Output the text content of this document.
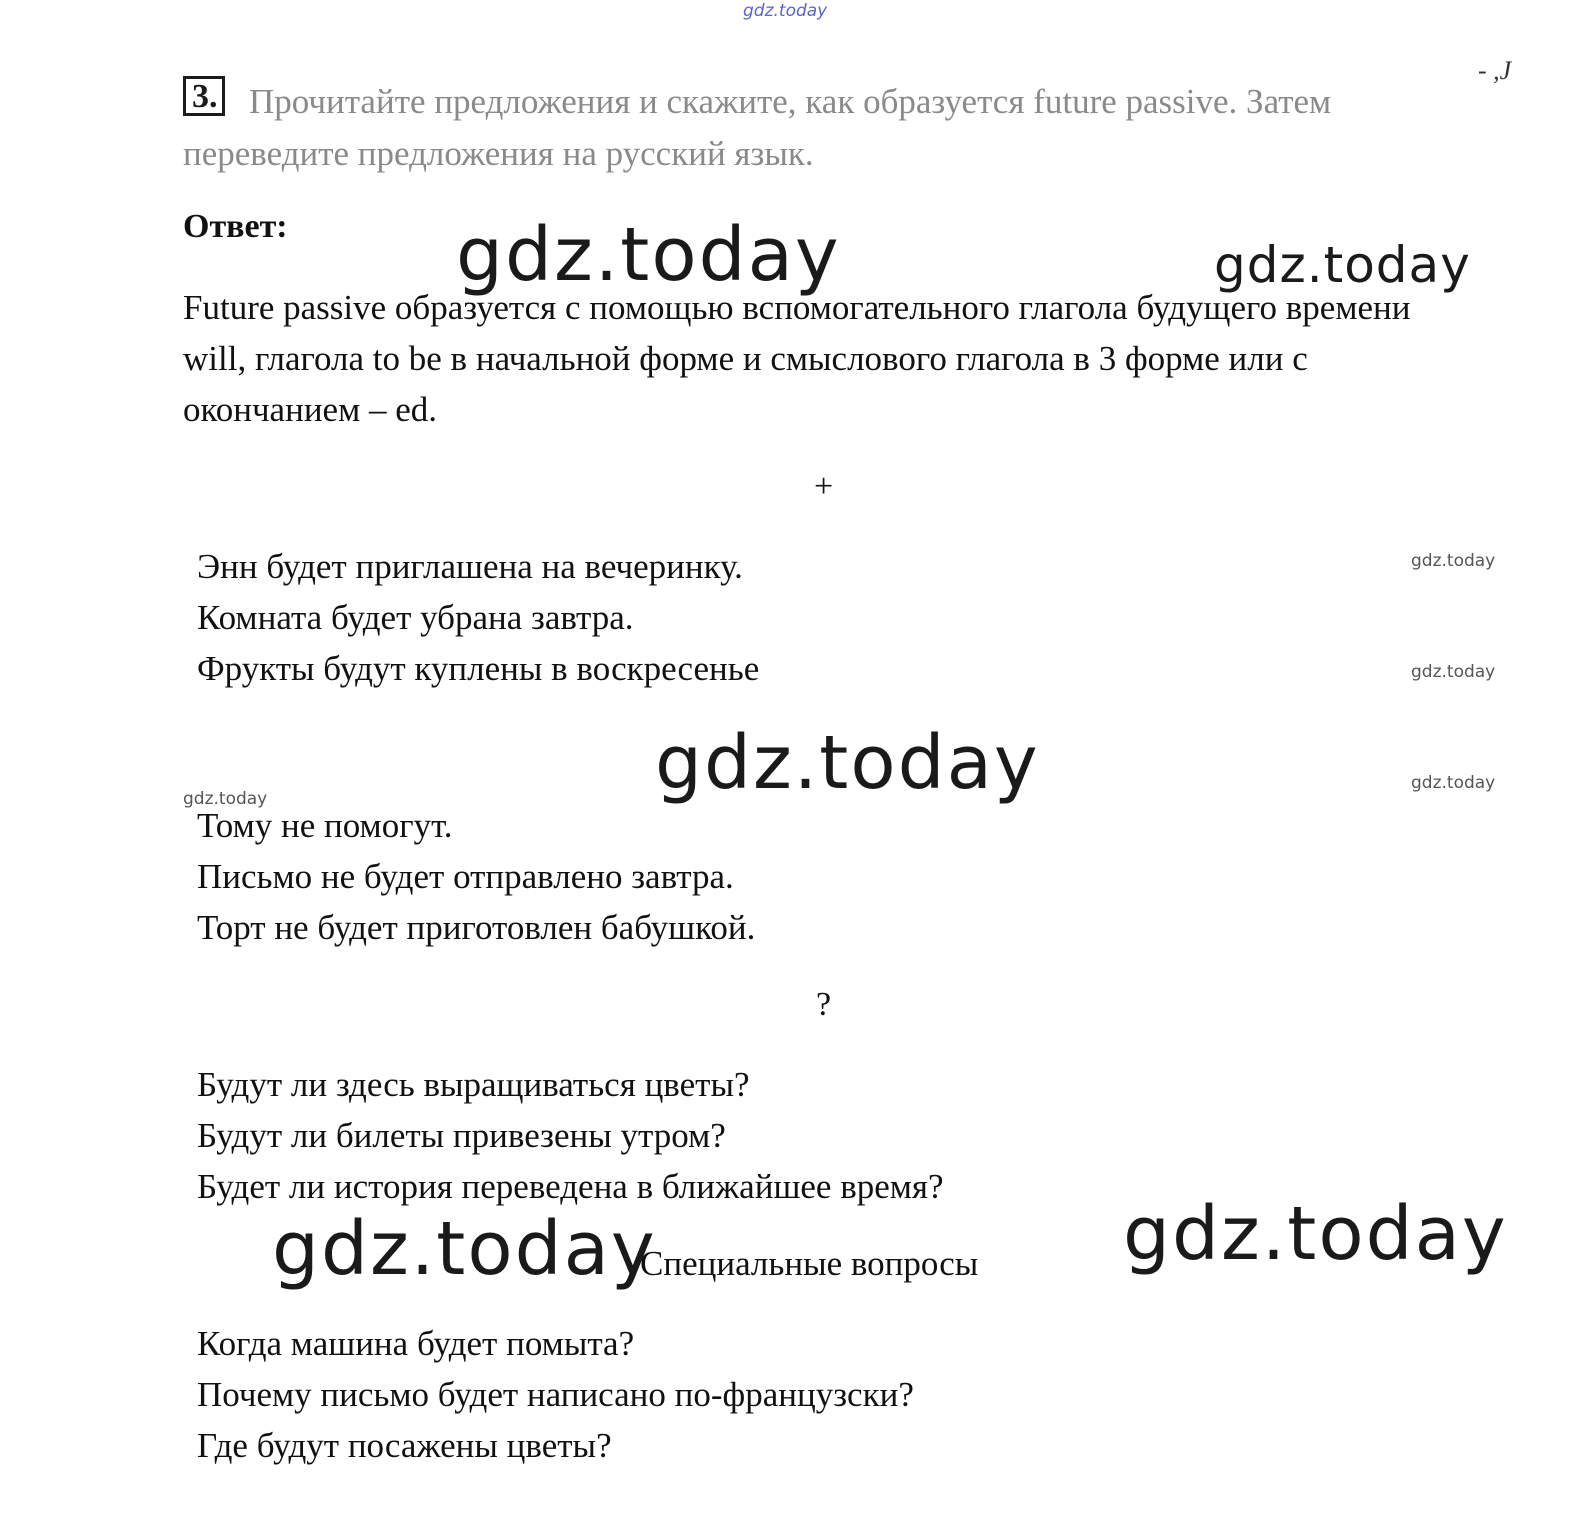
gdz.today
- ,J
Прочитайте предложения и скажите, как образуется future passive. Затем переведите предложения на русский язык.
3.
Ответ: gdz.today	gdz.today
Future passive образуется с помощью вспомогательного глагола будущего времени will, глагола to be в начальной форме и смыслового глагола в 3 форме или с окончанием – ed.
+
Энн будет приглашена на вечеринку.
Комната будет убрана завтра.
Фрукты будут куплены в воскресенье
gdz.today
gdz.today
gdz.today
gdz.today	gdz.today
Тому не помогут.
Письмо не будет отправлено завтра.
Торт не будет приготовлен бабушкой.
?
Будут ли здесь выращиваться цветы?
Будут ли билеты привезены утром?
Будет ли история переведена в ближайшее время?
gdz.today	gdz.today
Специальные вопросы
Когда машина будет помыта?
Почему письмо будет написано по-французски?
Где будут посажены цветы?
